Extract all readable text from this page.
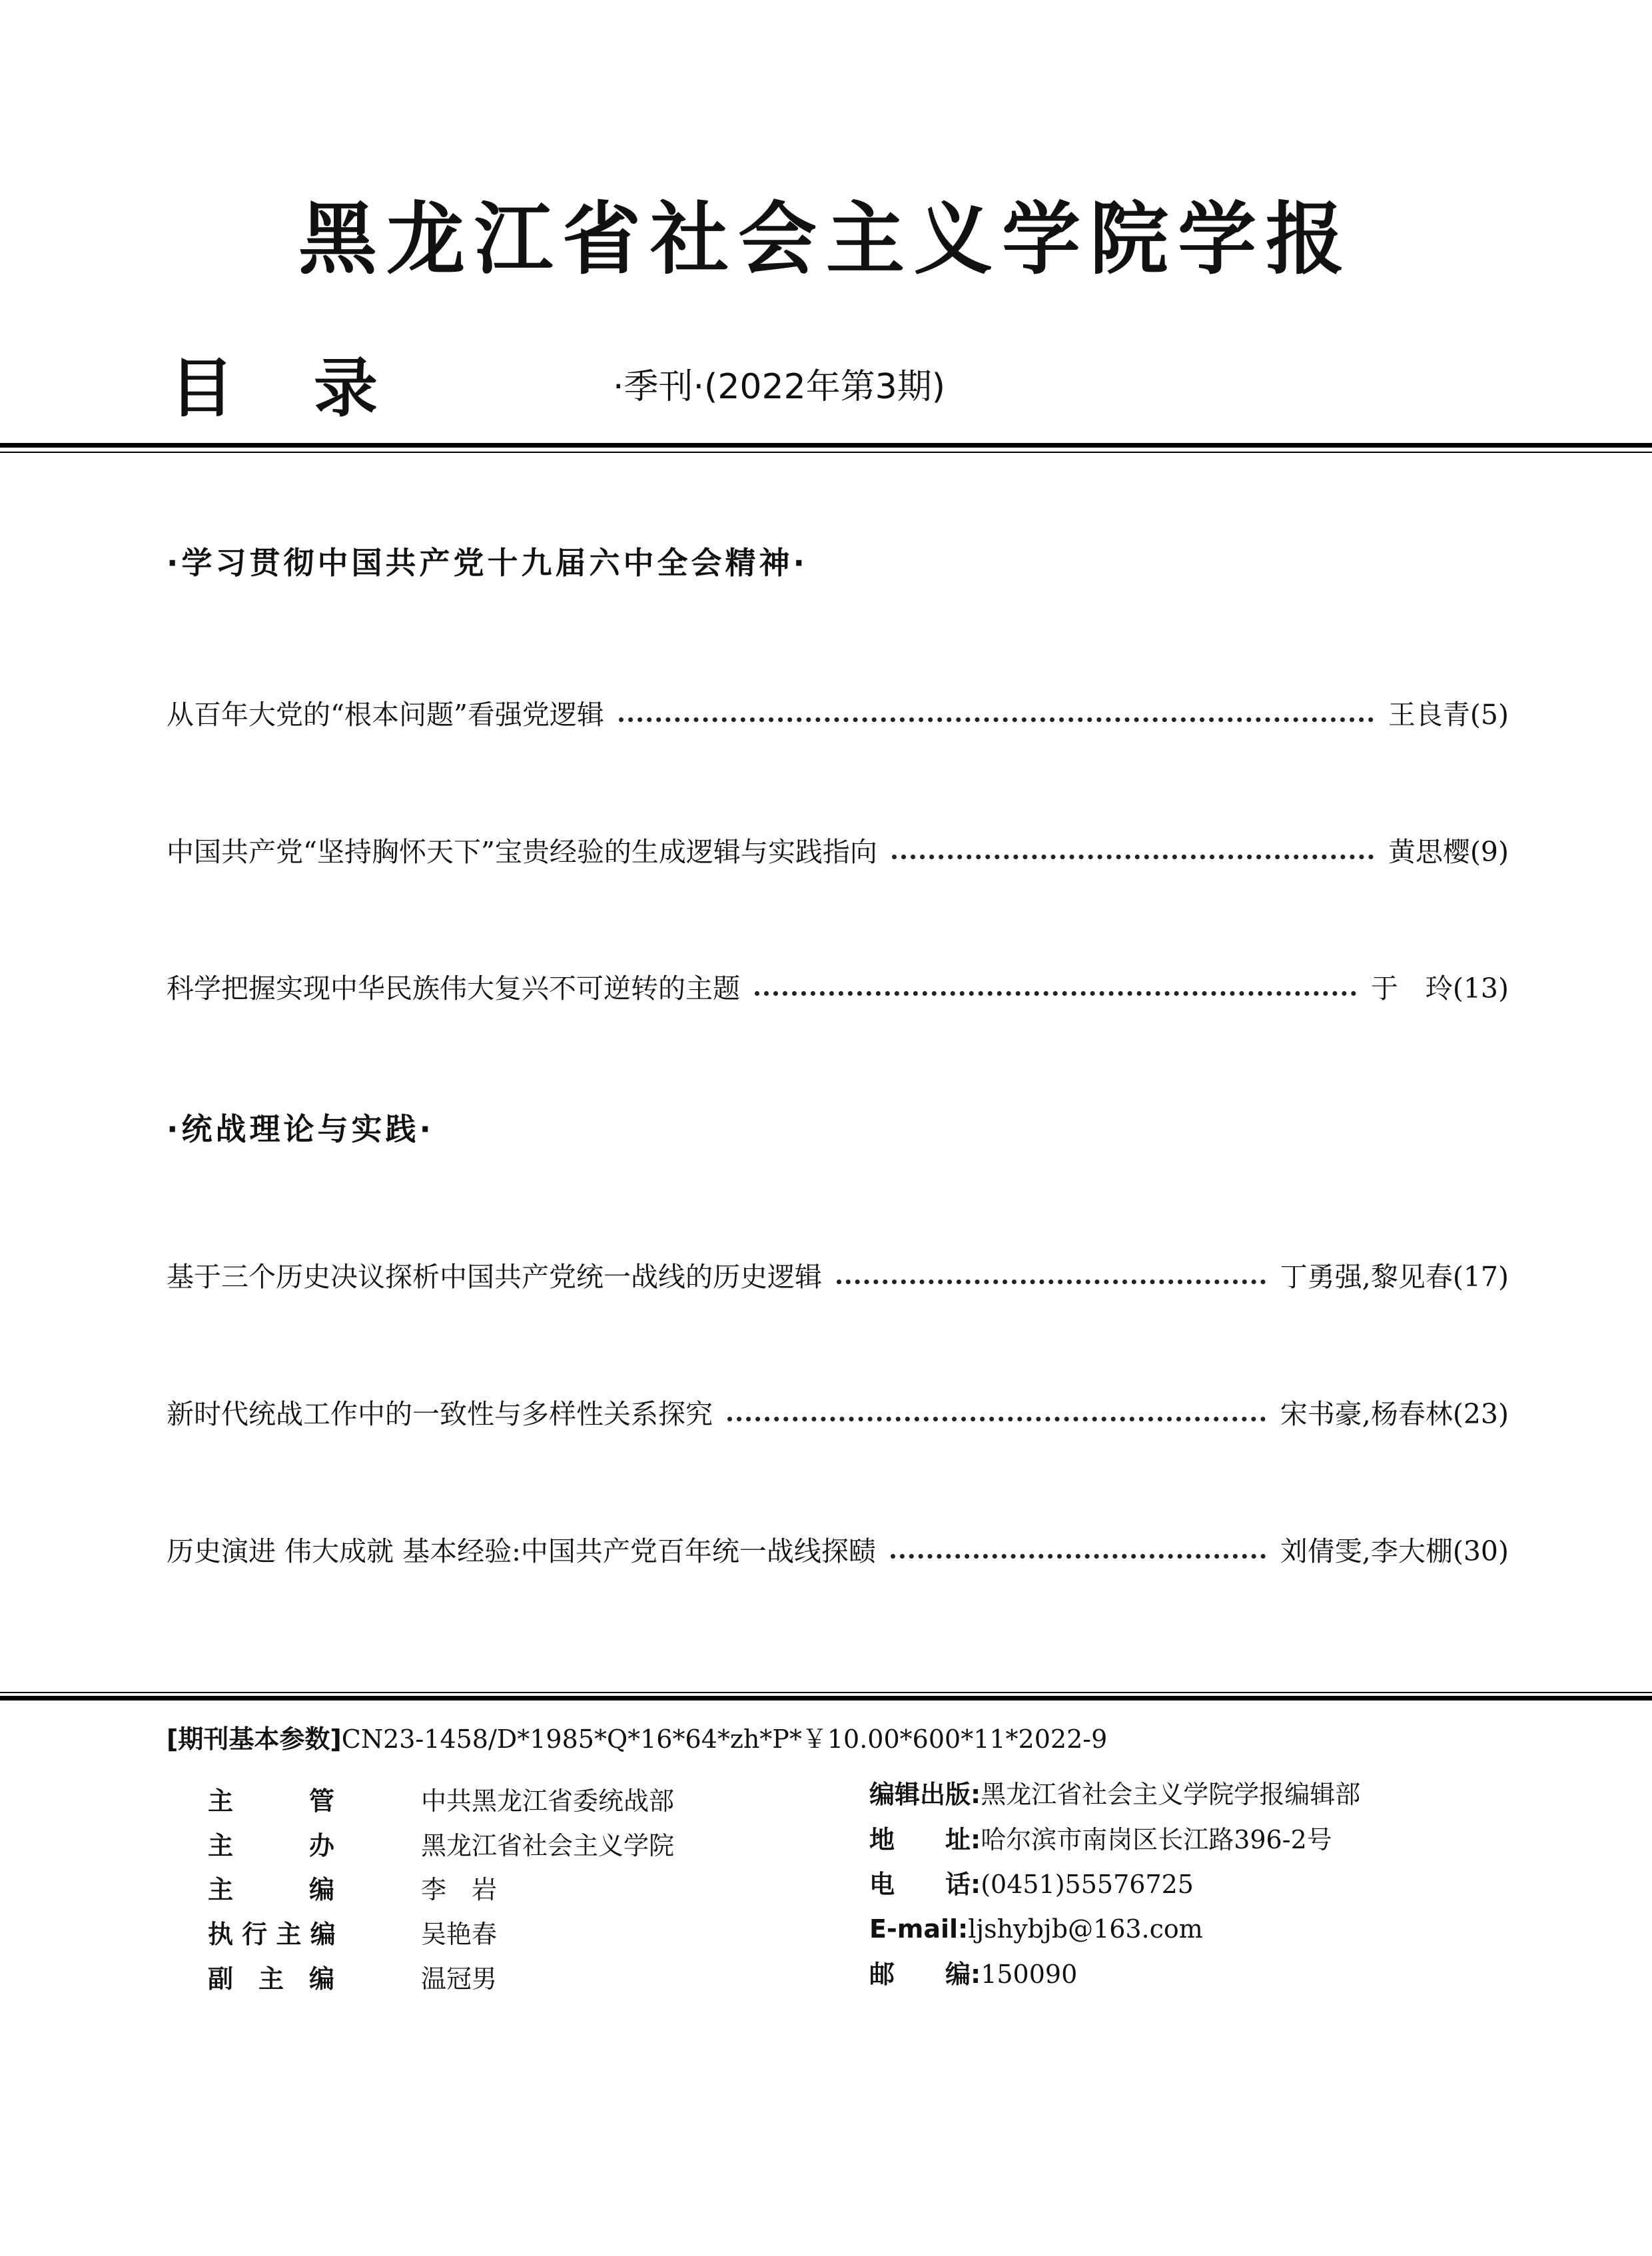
黑龙江省社会主义学院学报
目 录	·季刊·(2022年第3期)
·学习贯彻中国共产党十九届六中全会精神·
从百年大党的“根本问题”看强党逻辑	王良青(5)
中国共产党“坚持胸怀天下”宝贵经验的生成逻辑与实践指向	黄思樱(9)
科学把握实现中华民族伟大复兴不可逆转的主题	于　玲(13)
·统战理论与实践·
基于三个历史决议探析中国共产党统一战线的历史逻辑	丁勇强,黎见春(17)
新时代统战工作中的一致性与多样性关系探究	宋书豪,杨春林(23)
历史演进 伟大成就 基本经验:中国共产党百年统一战线探赜	刘倩雯,李大棚(30)
[期刊基本参数]CN23-1458/D*1985*Q*16*64*zh*P*￥10.00*600*11*2022-9
主　　　管	中共黑龙江省委统战部
主　　　办	黑龙江省社会主义学院
主　　　编	李　岩
执 行 主 编	吴艳春
副　主　编	温冠男
编辑出版:黑龙江省社会主义学院学报编辑部
地　　址:哈尔滨市南岗区长江路396-2号
电　　话:(0451)55576725
E-mail:ljshybjb@163.com
邮　　编:150090
